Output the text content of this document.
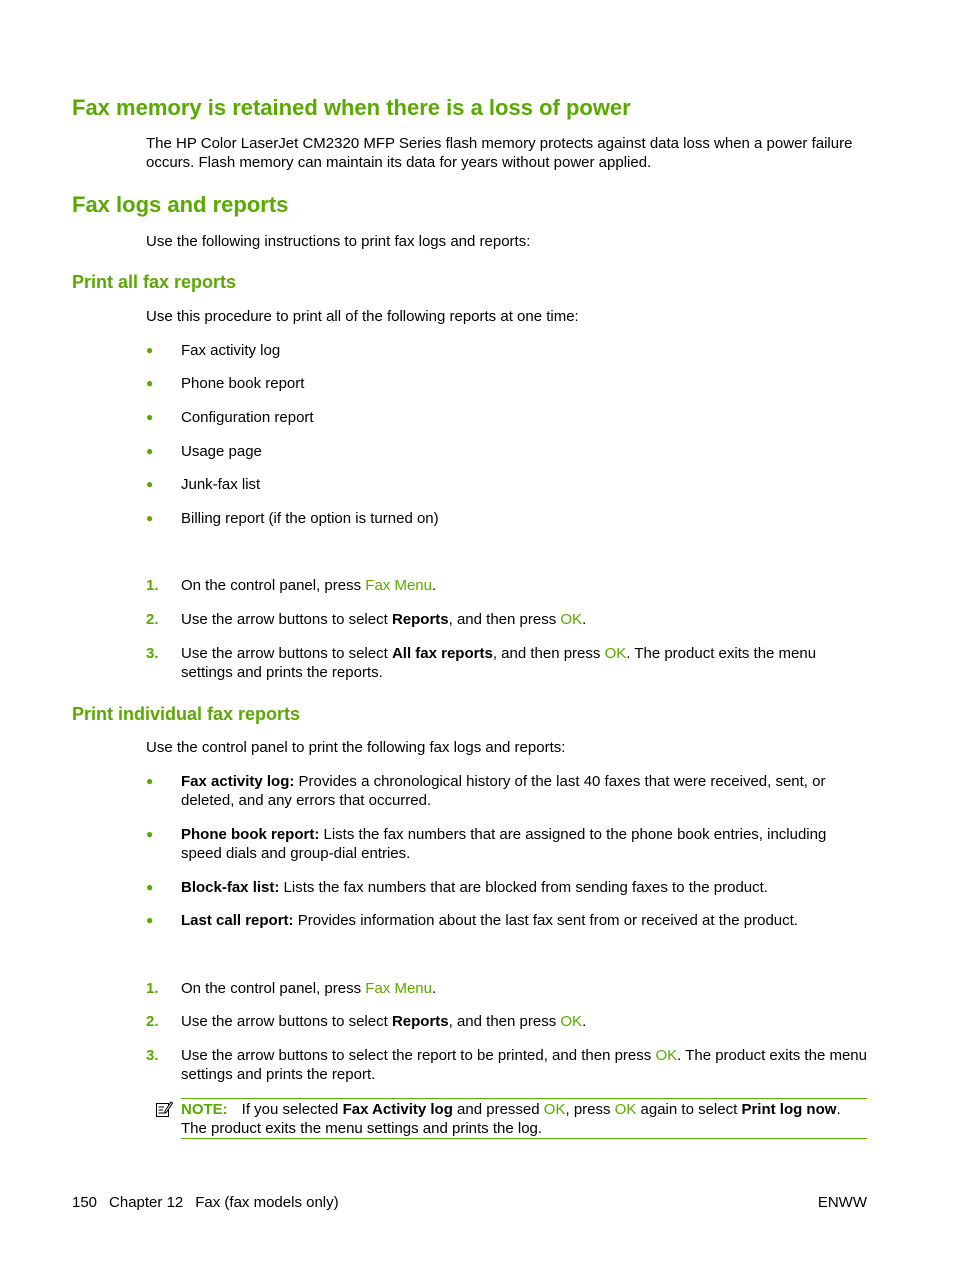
Fax memory is retained when there is a loss of power

The HP Color LaserJet CM2320 MFP Series flash memory protects against data loss when a power failure occurs. Flash memory can maintain its data for years without power applied.

Fax logs and reports

Use the following instructions to print fax logs and reports:

Print all fax reports

Use this procedure to print all of the following reports at one time:

●	Fax activity log
●	Phone book report
●	Configuration report
●	Usage page
●	Junk-fax list
●	Billing report (if the option is turned on)
1.	On the control panel, press Fax Menu.
2.	Use the arrow buttons to select Reports, and then press OK.
3.	Use the arrow buttons to select All fax reports, and then press OK. The product exits the menu settings and prints the reports.
Print individual fax reports

Use the control panel to print the following fax logs and reports:

●	Fax activity log: Provides a chronological history of the last 40 faxes that were received, sent, or deleted, and any errors that occurred.
●	Phone book report: Lists the fax numbers that are assigned to the phone book entries, including speed dials and group-dial entries.
●	Block-fax list: Lists the fax numbers that are blocked from sending faxes to the product.
●	Last call report: Provides information about the last fax sent from or received at the product.
1.	On the control panel, press Fax Menu.
2.	Use the arrow buttons to select Reports, and then press OK.
3.	Use the arrow buttons to select the report to be printed, and then press OK. The product exits the menu settings and prints the report.
NOTE: If you selected Fax Activity log and pressed OK, press OK again to select Print log now. The product exits the menu settings and prints the log.
150 Chapter 12 Fax (fax models only)	ENWW
